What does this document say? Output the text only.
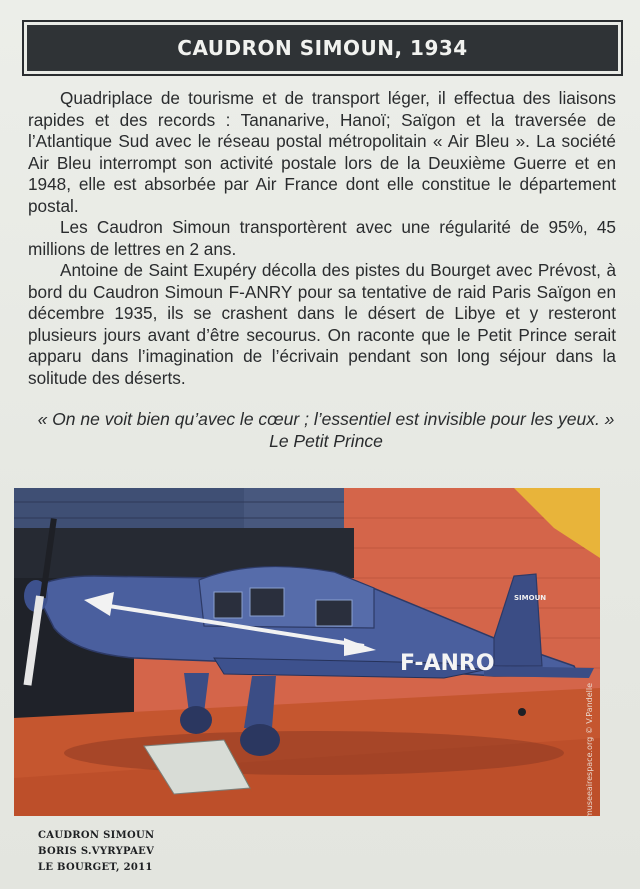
CAUDRON SIMOUN, 1934

Quadriplace de tourisme et de transport léger, il effectua des liaisons rapides et des records : Tananarive, Hanoï; Saïgon et la traversée de l’Atlantique Sud avec le réseau postal métropolitain « Air Bleu ». La société Air Bleu interrompt son activité postale lors de la Deuxième Guerre et en 1948, elle est absorbée par Air France dont elle constitue le département postal.

Les Caudron Simoun transportèrent avec une régularité de 95%, 45 millions de lettres en 2 ans.

Antoine de Saint Exupéry décolla des pistes du Bourget avec Prévost, à bord du Caudron Simoun F-ANRY pour sa tentative de raid Paris Saïgon en décembre 1935, ils se crashent dans le désert de Libye et y resteront plusieurs jours avant d’être secourus. On raconte que le Petit Prince serait apparu dans l’imagination de l’écrivain pendant son long séjour dans la solitude des déserts.

« On ne voit bien qu’avec le cœur ; l’essentiel est invisible pour les yeux. » Le Petit Prince
SIMOUN
F-ANRO
museeairespace.org © V.Pandelle
CAUDRON SIMOUN
BORIS S.VYRYPAEV
LE BOURGET, 2011
